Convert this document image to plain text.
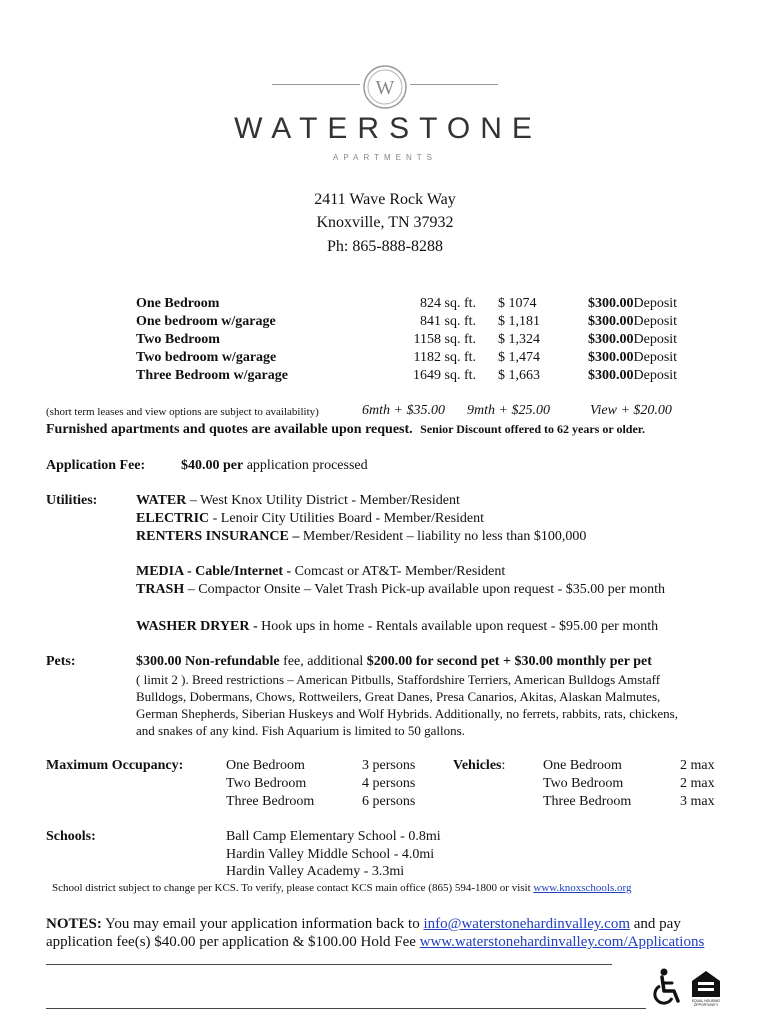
W
WATERSTONE
APARTMENTS
2411 Wave Rock Way
Knoxville, TN 37932
Ph: 865-888-8288
One Bedroom	824 sq. ft. $ 1074	$300.00 Deposit
One bedroom w/garage	841 sq. ft. $ 1,181	$300.00 Deposit
Two Bedroom	1158 sq. ft. $ 1,324	$300.00 Deposit
Two bedroom w/garage	1182 sq. ft. $ 1,474	$300.00 Deposit
Three Bedroom w/garage	1649 sq. ft. $ 1,663	$300.00 Deposit
(short term leases and view options are subject to availability)	6mth + $35.00 9mth + $25.00	View + $20.00
Furnished apartments and quotes are available upon request. Senior Discount offered to 62 years or older.
Application Fee:	$40.00 per application processed
Utilities:	WATER – West Knox Utility District - Member/Resident
ELECTRIC - Lenoir City Utilities Board - Member/Resident
RENTERS INSURANCE – Member/Resident – liability no less than $100,000
MEDIA - Cable/Internet - Comcast or AT&T- Member/Resident
TRASH – Compactor Onsite – Valet Trash Pick-up available upon request - $35.00 per month
WASHER DRYER - Hook ups in home - Rentals available upon request - $95.00 per month
Pets:	$300.00 Non-refundable fee, additional $200.00 for second pet + $30.00 monthly per pet
( limit 2 ). Breed restrictions – American Pitbulls, Staffordshire Terriers, American Bulldogs Amstaff
Bulldogs, Dobermans, Chows, Rottweilers, Great Danes, Presa Canarios, Akitas, Alaskan Malmutes,
German Shepherds, Siberian Huskeys and Wolf Hybrids. Additionally, no ferrets, rabbits, rats, chickens,
and snakes of any kind. Fish Aquarium is limited to 50 gallons.
Maximum Occupancy:	One Bedroom	3 persons
Two Bedroom	4 persons
Three Bedroom	6 persons
Vehicles:	One Bedroom	2 max
Two Bedroom	2 max
Three Bedroom	3 max
Schools:	Ball Camp Elementary School - 0.8mi
Hardin Valley Middle School - 4.0mi
Hardin Valley Academy - 3.3mi
School district subject to change per KCS. To verify, please contact KCS main office (865) 594-1800 or visit www.knoxschools.org
NOTES: You may email your application information back to info@waterstonehardinvalley.com and pay
application fee(s) $40.00 per application & $100.00 Hold Fee www.waterstonehardinvalley.com/Applications
EQUAL HOUSING
OPPORTUNITY
